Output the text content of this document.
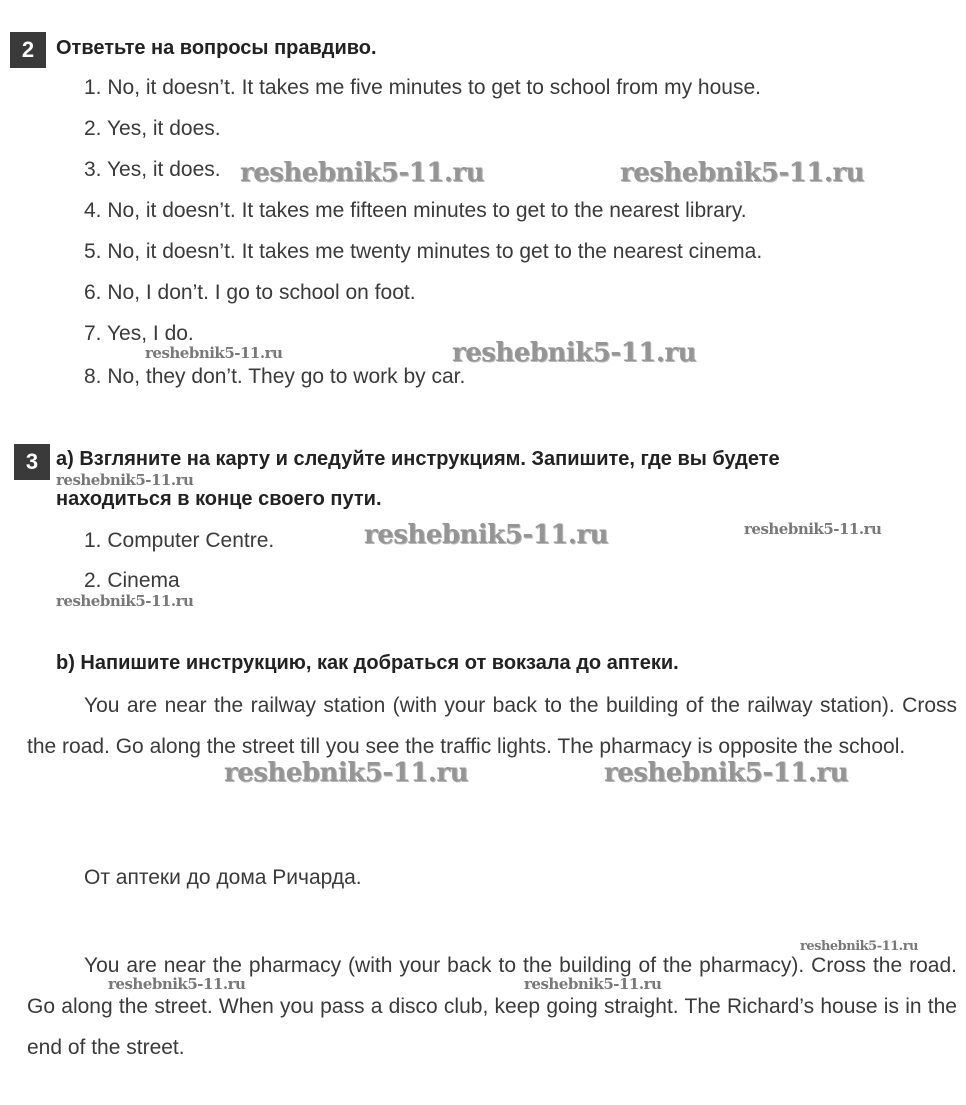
2	Ответьте на вопросы правдиво.
1. No, it doesn’t. It takes me five minutes to get to school from my house.
2. Yes, it does.
3. Yes, it does.
4. No, it doesn’t. It takes me fifteen minutes to get to the nearest library.
5. No, it doesn’t. It takes me twenty minutes to get to the nearest cinema.
6. No, I don’t. I go to school on foot.
7. Yes, I do.
8. No, they don’t. They go to work by car.
3 a) Взгляните на карту и следуйте инструкциям. Запишите, где вы будете
находиться в конце своего пути.
1. Computer Centre.
2. Cinema
b) Напишите инструкцию, как добраться от вокзала до аптеки.
You are near the railway station (with your back to the building of the railway station). Cross the road. Go along the street till you see the traffic lights. The pharmacy is opposite the school.
От аптеки до дома Ричарда.
You are near the pharmacy (with your back to the building of the pharmacy). Cross the road. Go along the street. When you pass a disco club, keep going straight. The Richard’s house is in the end of the street.
reshebnik5-11.ru	reshebnik5-11.ru
reshebnik5-11.ru	reshebnik5-11.ru
reshebnik5-11.ru
reshebnik5-11.ru	reshebnik5-11.ru
reshebnik5-11.ru
reshebnik5-11.ru	reshebnik5-11.ru
reshebnik5-11.ru
reshebnik5-11.ru	reshebnik5-11.ru
